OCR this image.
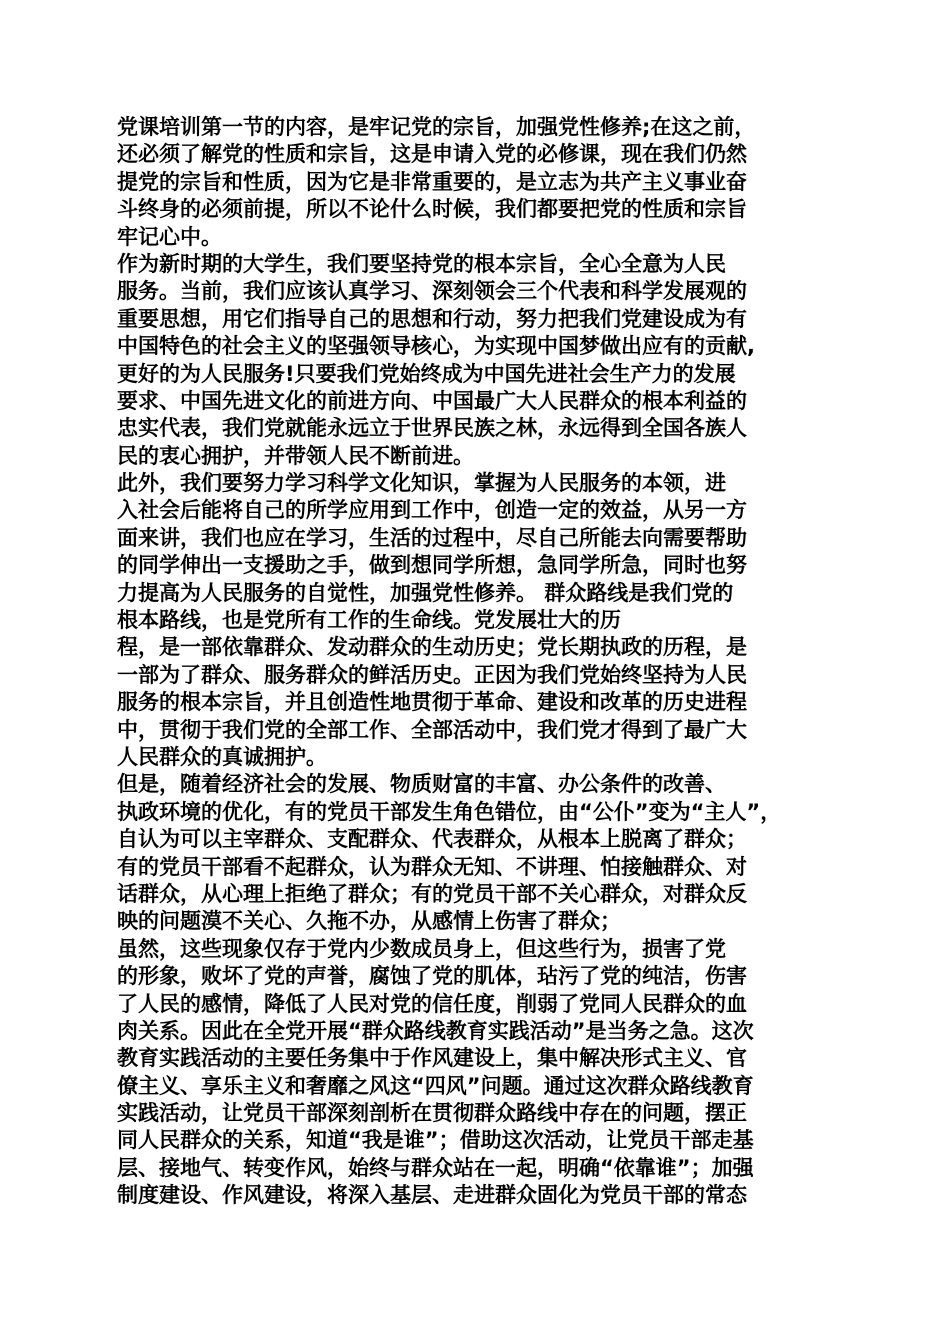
党课培训第一节的内容，是牢记党的宗旨，加强党性修养;在这之前，
还必须了解党的性质和宗旨，这是申请入党的必修课，现在我们仍然
提党的宗旨和性质，因为它是非常重要的，是立志为共产主义事业奋
斗终身的必须前提，所以不论什么时候，我们都要把党的性质和宗旨
牢记心中。
作为新时期的大学生，我们要坚持党的根本宗旨，全心全意为人民
服务。当前，我们应该认真学习、深刻领会三个代表和科学发展观的
重要思想，用它们指导自己的思想和行动，努力把我们党建设成为有
中国特色的社会主义的坚强领导核心，为实现中国梦做出应有的贡献,
更好的为人民服务!只要我们党始终成为中国先进社会生产力的发展
要求、中国先进文化的前进方向、中国最广大人民群众的根本利益的
忠实代表，我们党就能永远立于世界民族之林，永远得到全国各族人
民的衷心拥护，并带领人民不断前进。
此外，我们要努力学习科学文化知识，掌握为人民服务的本领，进
入社会后能将自己的所学应用到工作中，创造一定的效益，从另一方
面来讲，我们也应在学习，生活的过程中，尽自己所能去向需要帮助
的同学伸出一支援助之手，做到想同学所想，急同学所急，同时也努
力提高为人民服务的自觉性，加强党性修养。 群众路线是我们党的
根本路线，也是党所有工作的生命线。党发展壮大的历
程，是一部依靠群众、发动群众的生动历史；党长期执政的历程，是
一部为了群众、服务群众的鲜活历史。正因为我们党始终坚持为人民
服务的根本宗旨，并且创造性地贯彻于革命、建设和改革的历史进程
中，贯彻于我们党的全部工作、全部活动中，我们党才得到了最广大
人民群众的真诚拥护。
但是，随着经济社会的发展、物质财富的丰富、办公条件的改善、
执政环境的优化，有的党员干部发生角色错位，由“公仆”变为“主人”，
自认为可以主宰群众、支配群众、代表群众，从根本上脱离了群众；
有的党员干部看不起群众，认为群众无知、不讲理、怕接触群众、对
话群众，从心理上拒绝了群众；有的党员干部不关心群众，对群众反
映的问题漠不关心、久拖不办，从感情上伤害了群众；
虽然，这些现象仅存于党内少数成员身上，但这些行为，损害了党
的形象，败坏了党的声誉，腐蚀了党的肌体，玷污了党的纯洁，伤害
了人民的感情，降低了人民对党的信任度，削弱了党同人民群众的血
肉关系。因此在全党开展“群众路线教育实践活动”是当务之急。这次
教育实践活动的主要任务集中于作风建设上，集中解决形式主义、官
僚主义、享乐主义和奢靡之风这“四风”问题。通过这次群众路线教育
实践活动，让党员干部深刻剖析在贯彻群众路线中存在的问题，摆正
同人民群众的关系，知道“我是谁”；借助这次活动，让党员干部走基
层、接地气、转变作风，始终与群众站在一起，明确“依靠谁”；加强
制度建设、作风建设，将深入基层、走进群众固化为党员干部的常态
